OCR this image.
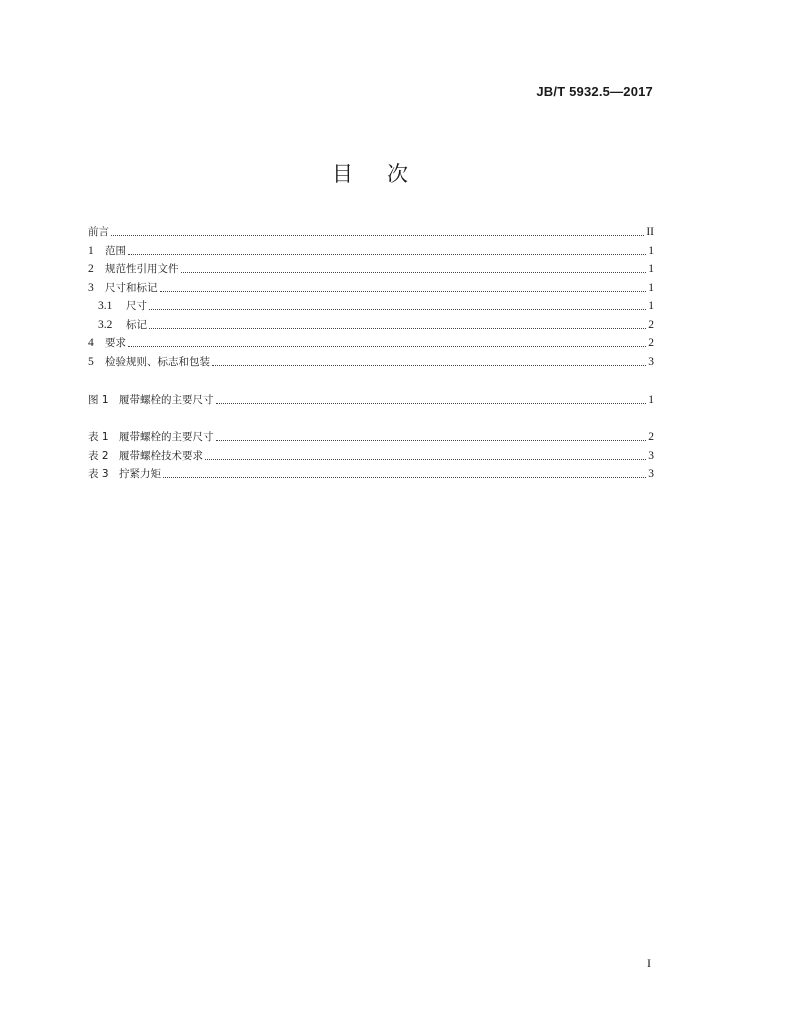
JB/T 5932.5—2017
目 次
前言	II
1	范围	1
2	规范性引用文件	1
3	尺寸和标记	1
3.1	尺寸	1
3.2	标记	2
4	要求	2
5	检验规则、标志和包装	3
图 1 履带螺栓的主要尺寸	1
表 1 履带螺栓的主要尺寸	2
表 2 履带螺栓技术要求	3
表 3 拧紧力矩	3
I
